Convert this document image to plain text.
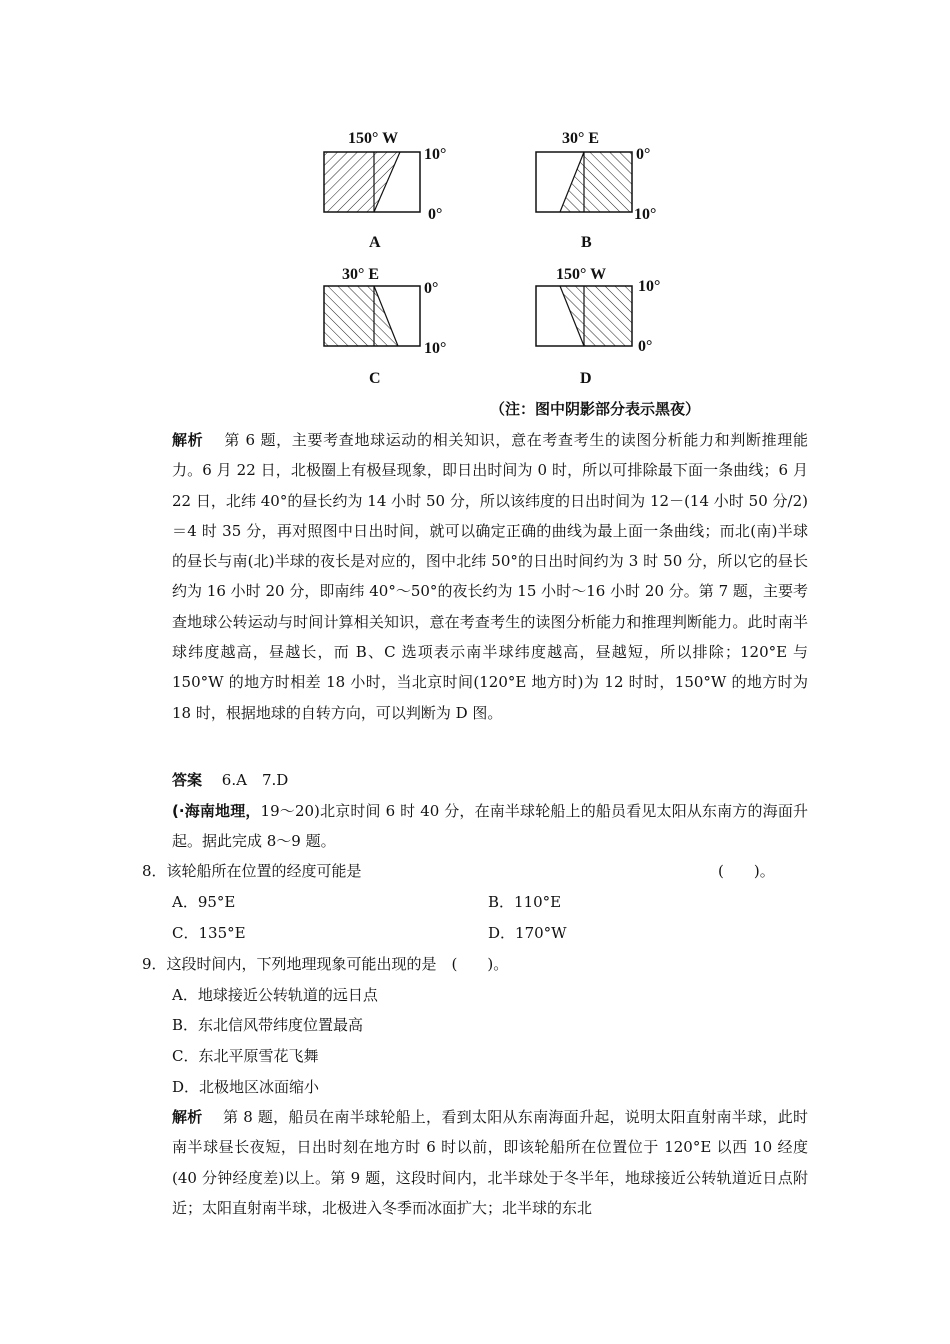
150° W
10°
0°
A
30° E
0°
10°
B
30° E
0°
10°
C
150° W
10°
0°
D
（注：图中阴影部分表示黑夜）
解析　 第 6 题，主要考查地球运动的相关知识，意在考查考生的读图分析能力和判断推理能力。6 月 22 日，北极圈上有极昼现象，即日出时间为 0 时，所以可排除最下面一条曲线；6 月 22 日，北纬 40°的昼长约为 14 小时 50 分，所以该纬度的日出时间为 12－(14 小时 50 分/2)＝4 时 35 分，再对照图中日出时间，就可以确定正确的曲线为最上面一条曲线；而北(南)半球的昼长与南(北)半球的夜长是对应的，图中北纬 50°的日出时间约为 3 时 50 分，所以它的昼长约为 16 小时 20 分，即南纬 40°～50°的夜长约为 15 小时～16 小时 20 分。第 7 题，主要考查地球公转运动与时间计算相关知识，意在考查考生的读图分析能力和推理判断能力。此时南半球纬度越高，昼越长，而 B、C 选项表示南半球纬度越高，昼越短，所以排除；120°E 与 150°W 的地方时相差 18 小时，当北京时间(120°E 地方时)为 12 时时，150°W 的地方时为 18 时，根据地球的自转方向，可以判断为 D 图。
答案　 6.A　7.D
(·海南地理，19～20)北京时间 6 时 40 分，在南半球轮船上的船员看见太阳从东南方的海面升起。据此完成 8～9 题。
8．该轮船所在位置的经度可能是	(　　)。
A．95°E	B．110°E
C．135°E	D．170°W
9．这段时间内，下列地理现象可能出现的是　(　　)。
A．地球接近公转轨道的远日点
B．东北信风带纬度位置最高
C．东北平原雪花飞舞
D．北极地区冰面缩小
解析　 第 8 题，船员在南半球轮船上，看到太阳从东南海面升起，说明太阳直射南半球，此时南半球昼长夜短，日出时刻在地方时 6 时以前，即该轮船所在位置位于 120°E 以西 10 经度(40 分钟经度差)以上。第 9 题，这段时间内，北半球处于冬半年，地球接近公转轨道近日点附近；太阳直射南半球，北极进入冬季而冰面扩大；北半球的东北
